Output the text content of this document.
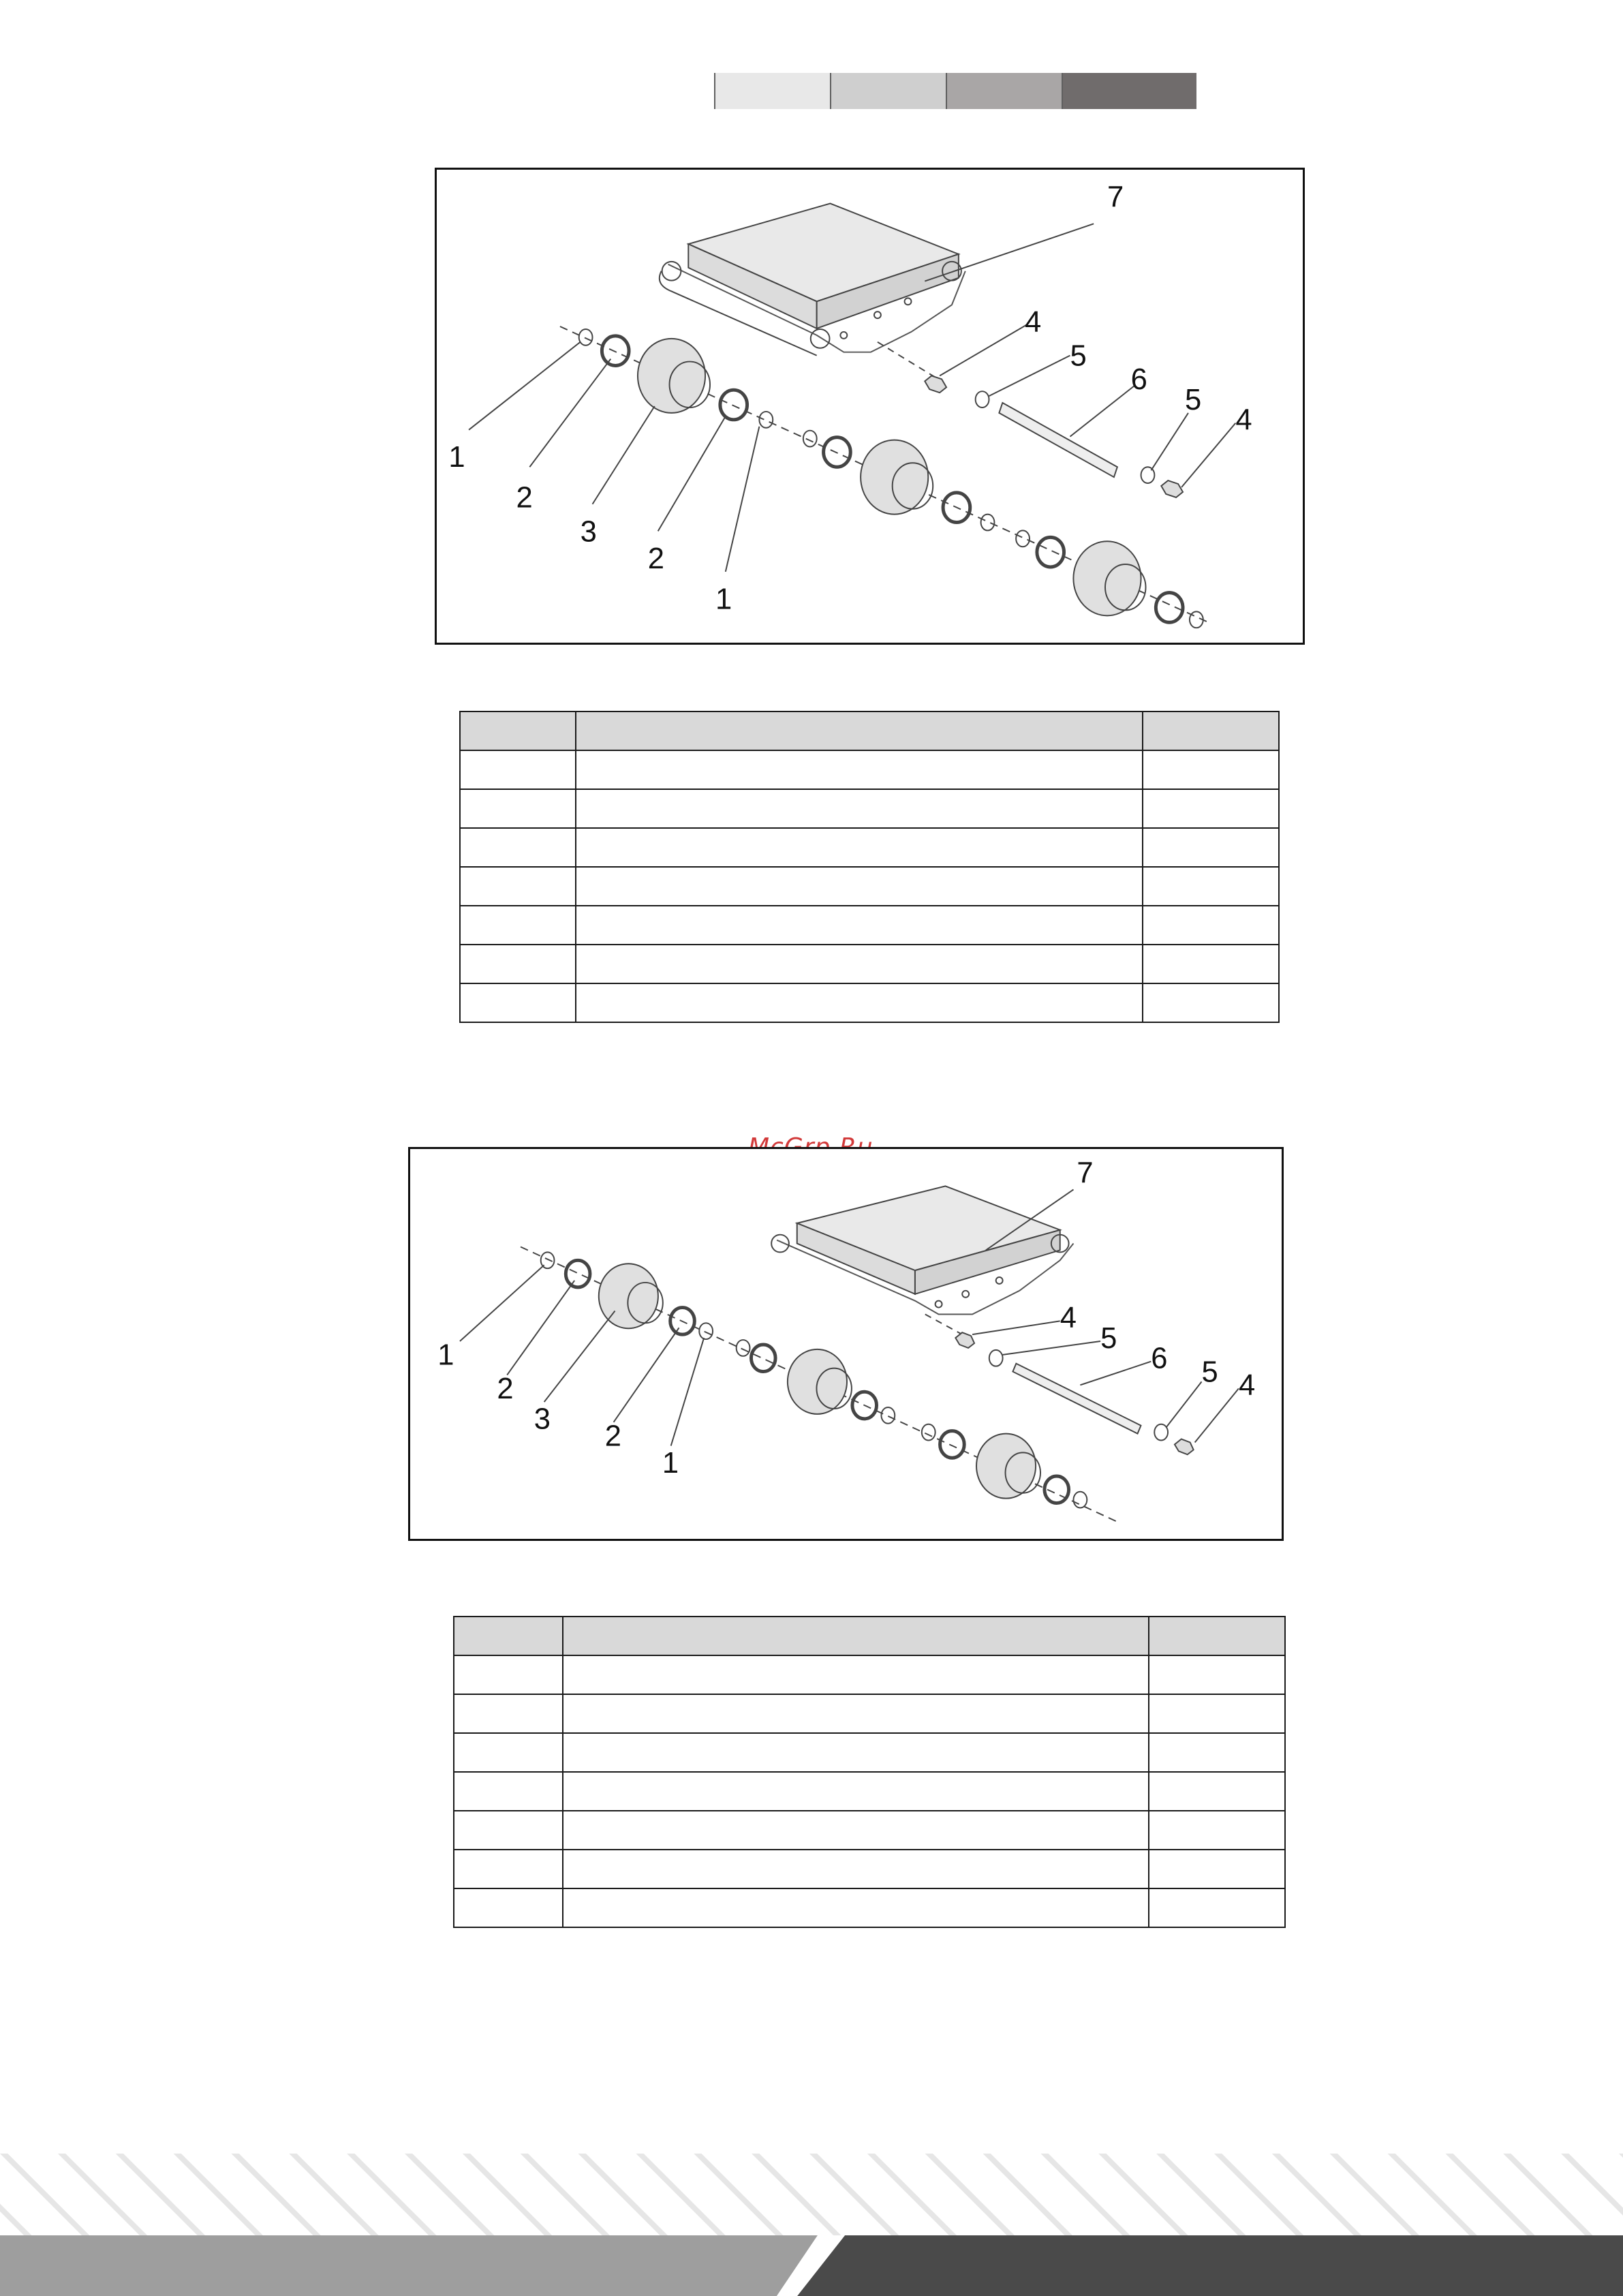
1
2
3
2
1
4
5
6
5
4
7

1
2
3
2
1
4
5
6 5 4
7
